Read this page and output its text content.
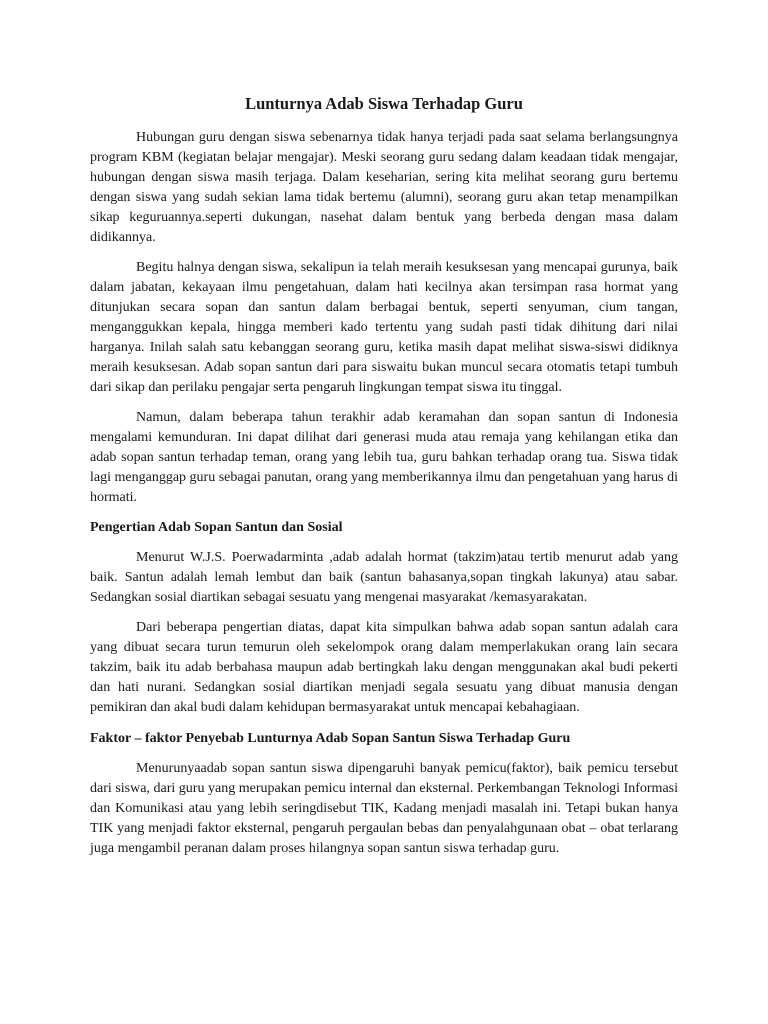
Lunturnya Adab Siswa Terhadap Guru

Hubungan guru dengan siswa sebenarnya tidak hanya terjadi pada saat selama berlangsungnya program KBM (kegiatan belajar mengajar). Meski seorang guru sedang dalam keadaan tidak mengajar, hubungan dengan siswa masih terjaga. Dalam keseharian, sering kita melihat seorang guru bertemu dengan siswa yang sudah sekian lama tidak bertemu (alumni), seorang guru akan tetap menampilkan sikap keguruannya.seperti dukungan, nasehat dalam bentuk yang berbeda dengan masa dalam didikannya.

Begitu halnya dengan siswa, sekalipun ia telah meraih kesuksesan yang mencapai gurunya, baik dalam jabatan, kekayaan ilmu pengetahuan, dalam hati kecilnya akan tersimpan rasa hormat yang ditunjukan secara sopan dan santun dalam berbagai bentuk, seperti senyuman, cium tangan, menganggukkan kepala, hingga memberi kado tertentu yang sudah pasti tidak dihitung dari nilai harganya. Inilah salah satu kebanggan seorang guru, ketika masih dapat melihat siswa-siswi didiknya meraih kesuksesan. Adab sopan santun dari para siswaitu bukan muncul secara otomatis tetapi tumbuh dari sikap dan perilaku pengajar serta pengaruh lingkungan tempat siswa itu tinggal.

Namun, dalam beberapa tahun terakhir adab keramahan dan sopan santun di Indonesia mengalami kemunduran. Ini dapat dilihat dari generasi muda atau remaja yang kehilangan etika dan adab sopan santun terhadap teman, orang yang lebih tua, guru bahkan terhadap orang tua. Siswa tidak lagi menganggap guru sebagai panutan, orang yang memberikannya ilmu dan pengetahuan yang harus di hormati.

Pengertian Adab Sopan Santun dan Sosial

Menurut W.J.S. Poerwadarminta ,adab adalah hormat (takzim)atau tertib menurut adab yang baik. Santun adalah lemah lembut dan baik (santun bahasanya,sopan tingkah lakunya) atau sabar. Sedangkan sosial diartikan sebagai sesuatu yang mengenai masyarakat /kemasyarakatan.

Dari beberapa pengertian diatas, dapat kita simpulkan bahwa adab sopan santun adalah cara yang dibuat secara turun temurun oleh sekelompok orang dalam memperlakukan orang lain secara takzim, baik itu adab berbahasa maupun adab bertingkah laku dengan menggunakan akal budi pekerti dan hati nurani. Sedangkan sosial diartikan menjadi segala sesuatu yang dibuat manusia dengan pemikiran dan akal budi dalam kehidupan bermasyarakat untuk mencapai kebahagiaan.

Faktor – faktor Penyebab Lunturnya Adab Sopan Santun Siswa Terhadap Guru

Menurunyaadab sopan santun siswa dipengaruhi banyak pemicu(faktor), baik pemicu tersebut dari siswa, dari guru yang merupakan pemicu internal dan eksternal. Perkembangan Teknologi Informasi dan Komunikasi atau yang lebih seringdisebut TIK, Kadang menjadi masalah ini. Tetapi bukan hanya TIK yang menjadi faktor eksternal, pengaruh pergaulan bebas dan penyalahgunaan obat – obat terlarang juga mengambil peranan dalam proses hilangnya sopan santun siswa terhadap guru.
